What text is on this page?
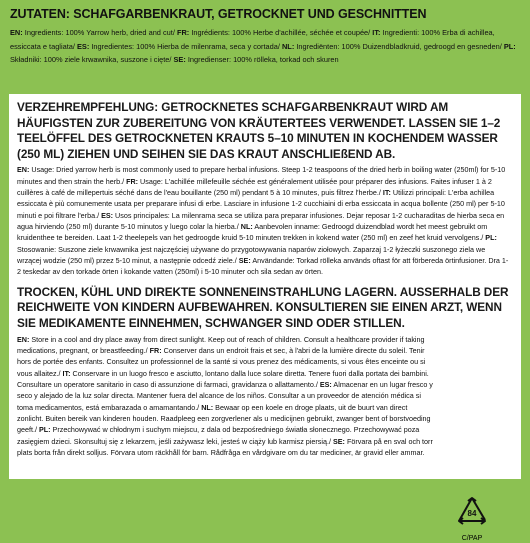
ZUTATEN: SCHAFGARBENKRAUT, GETROCKNET UND GESCHNITTEN
EN: Ingredients: 100% Yarrow herb, dried and cut/ FR: Ingrédients: 100% Herbe d'achillée, séchée et coupée/ IT: Ingredienti: 100% Erba di achillea, essiccata e tagliata/ ES: Ingredientes: 100% Hierba de milenrama, seca y cortada/ NL: Ingrediënten: 100% Duizendbladkruid, gedroogd en gesneden/ PL: Składniki: 100% ziele krwawnika, suszone i cięte/ SE: Ingredienser: 100% rölleka, torkad och skuren
VERZEHREMPFEHLUNG: GETROCKNETES SCHAFGARBENKRAUT WIRD AM HÄUFIGSTEN ZUR ZUBEREITUNG VON KRÄUTERTEES VERWENDET. LASSEN SIE 1–2 TEELÖFFEL DES GETROCKNETEN KRAUTS 5–10 MINUTEN IN KOCHENDEM WASSER (250 ML) ZIEHEN UND SEIHEN SIE DAS KRAUT ANSCHLIEßEND AB.
EN: Usage: Dried yarrow herb is most commonly used to prepare herbal infusions. Steep 1-2 teaspoons of the dried herb in boiling water (250ml) for 5-10 minutes and then strain the herb./ FR: Usage: L'achillée millefeuille séchée est généralement utilisée pour préparer des infusions. Faites infuser 1 à 2 cuillères à café de millepertuis séché dans de l'eau bouillante (250 ml) pendant 5 à 10 minutes, puis filtrez l'herbe./ IT: Utilizzi principali: L'erba achillea essiccata è più comunemente usata per preparare infusi di erbe. Lasciare in infusione 1-2 cucchiaini di erba essiccata in acqua bollente (250 ml) per 5-10 minuti e poi filtrare l'erba./ ES: Usos principales: La milenrama seca se utiliza para preparar infusiones. Dejar reposar 1-2 cucharaditas de hierba seca en agua hirviendo (250 ml) durante 5-10 minutos y luego colar la hierba./ NL: Aanbevolen inname: Gedroogd duizendblad wordt het meest gebruikt om kruidenthee te bereiden. Laat 1-2 theelepels van het gedroogde kruid 5-10 minuten trekken in kokend water (250 ml) en zeef het kruid vervolgens./ PL: Stosowanie: Suszone ziele krwawnika jest najczęściej używane do przygotowywania naparów ziołowych. Zaparzaj 1-2 łyżeczki suszonego ziela we wrzącej wodzie (250 ml) przez 5-10 minut, a następnie odcedź ziele./ SE: Användande: Torkad rölleka används oftast för att förbereda örtinfusioner. Dra 1-2 teskedar av den torkade örten i kokande vatten (250ml) i 5-10 minuter och sila sedan av örten.
TROCKEN, KÜHL UND DIREKTE SONNENEINSTRAHLUNG LAGERN. AUSSERHALB DER REICHWEITE VON KINDERN AUFBEWAHREN. KONSULTIEREN SIE EINEN ARZT, WENN SIE MEDIKAMENTE EINNEHMEN, SCHWANGER SIND ODER STILLEN.
EN: Store in a cool and dry place away from direct sunlight. Keep out of reach of children. Consult a healthcare provider if taking medications, pregnant, or breastfeeding./ FR: Conserver dans un endroit frais et sec, à l'abri de la lumière directe du soleil. Tenir hors de portée des enfants. Consultez un professionnel de la santé si vous prenez des médicaments, si vous êtes enceinte ou si vous allaitez./ IT: Conservare in un luogo fresco e asciutto, lontano dalla luce solare diretta. Tenere fuori dalla portata dei bambini. Consultare un operatore sanitario in caso di assunzione di farmaci, gravidanza o allattamento./ ES: Almacenar en un lugar fresco y seco y alejado de la luz solar directa. Mantener fuera del alcance de los niños. Consultar a un proveedor de atención médica si toma medicamentos, está embarazada o amamantando./ NL: Bewaar op een koele en droge plaats, uit de buurt van direct zonlicht. Buiten bereik van kinderen houden. Raadpleeg een zorgverlener als u medicijnen gebruikt, zwanger bent of borstvoeding geeft./ PL: Przechowywać w chłodnym i suchym miejscu, z dala od bezpośredniego światła słonecznego. Przechowywać poza zasięgiem dzieci. Skonsultuj się z lekarzem, jeśli zażywasz leki, jesteś w ciąży lub karmisz piersią./ SE: Förvara på en sval och torr plats borta från direkt solljus. Förvara utom räckhåll för barn. Rådfråga en vårdgivare om du tar mediciner, är gravid eller ammar.
84
C/PAP
